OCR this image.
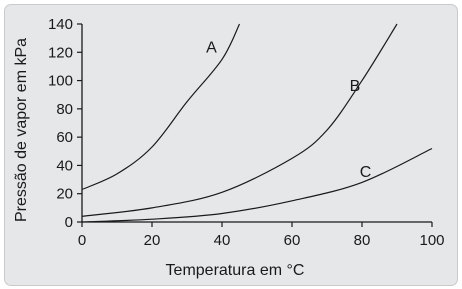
0
20
40
60
80
100
120
140
0	20	40	60	80	100
A
B
C
Temperatura em °C
Pressão de vapor em kPa
